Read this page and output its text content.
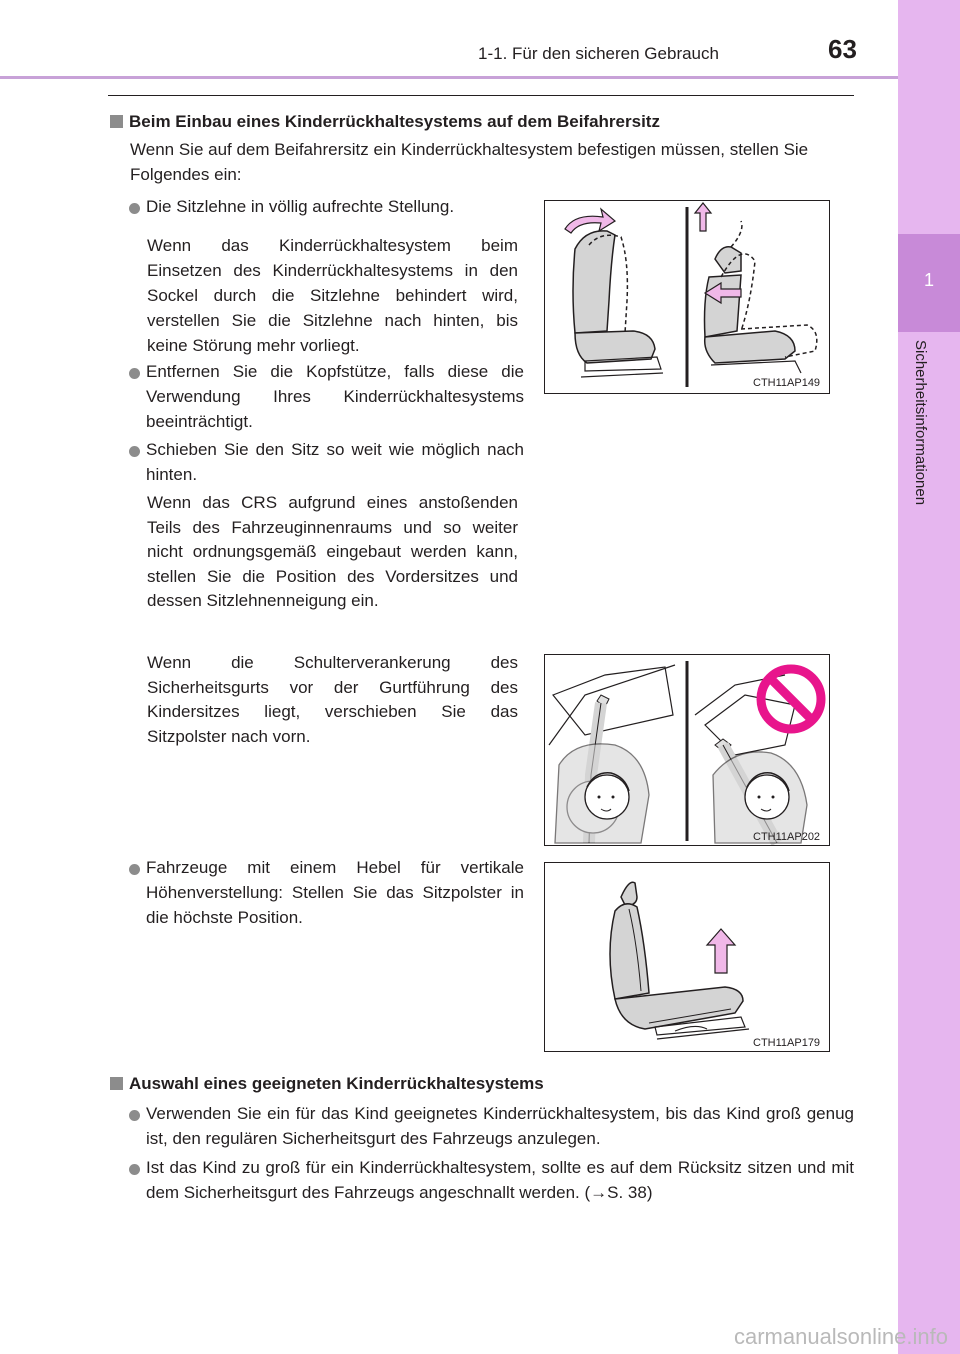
1-1. Für den sicheren Gebrauch	63
1
Sicherheitsinformationen
Beim Einbau eines Kinderrückhaltesystems auf dem Beifahrersitz
Wenn Sie auf dem Beifahrersitz ein Kinderrückhaltesystem befestigen müssen, stellen Sie Folgendes ein:
Die Sitzlehne in völlig aufrechte Stellung.
Wenn das Kinderrückhaltesystem beim Einsetzen des Kinderrückhaltesystems in den Sockel durch die Sitzlehne behindert wird, verstellen Sie die Sitzlehne nach hinten, bis keine Störung mehr vorliegt.
Entfernen Sie die Kopfstütze, falls diese die Verwendung Ihres Kinderrückhaltesystems beeinträchtigt.
Schieben Sie den Sitz so weit wie möglich nach hinten.
Wenn das CRS aufgrund eines anstoßenden Teils des Fahrzeuginnenraums und so weiter nicht ordnungsgemäß eingebaut werden kann, stellen Sie die Position des Vordersitzes und dessen Sitzlehnenneigung ein.
Wenn die Schulterverankerung des Sicherheitsgurts vor der Gurtführung des Kindersitzes liegt, verschieben Sie das Sitzpolster nach vorn.
Fahrzeuge mit einem Hebel für vertikale Höhenverstellung: Stellen Sie das Sitzpolster in die höchste Position.
CTH11AP149
CTH11AP202
CTH11AP179
Auswahl eines geeigneten Kinderrückhaltesystems
Verwenden Sie ein für das Kind geeignetes Kinderrückhaltesystem, bis das Kind groß genug ist, den regulären Sicherheitsgurt des Fahrzeugs anzulegen.
Ist das Kind zu groß für ein Kinderrückhaltesystem, sollte es auf dem Rücksitz sitzen und mit dem Sicherheitsgurt des Fahrzeugs angeschnallt werden. (→S. 38)
carmanualsonline.info
